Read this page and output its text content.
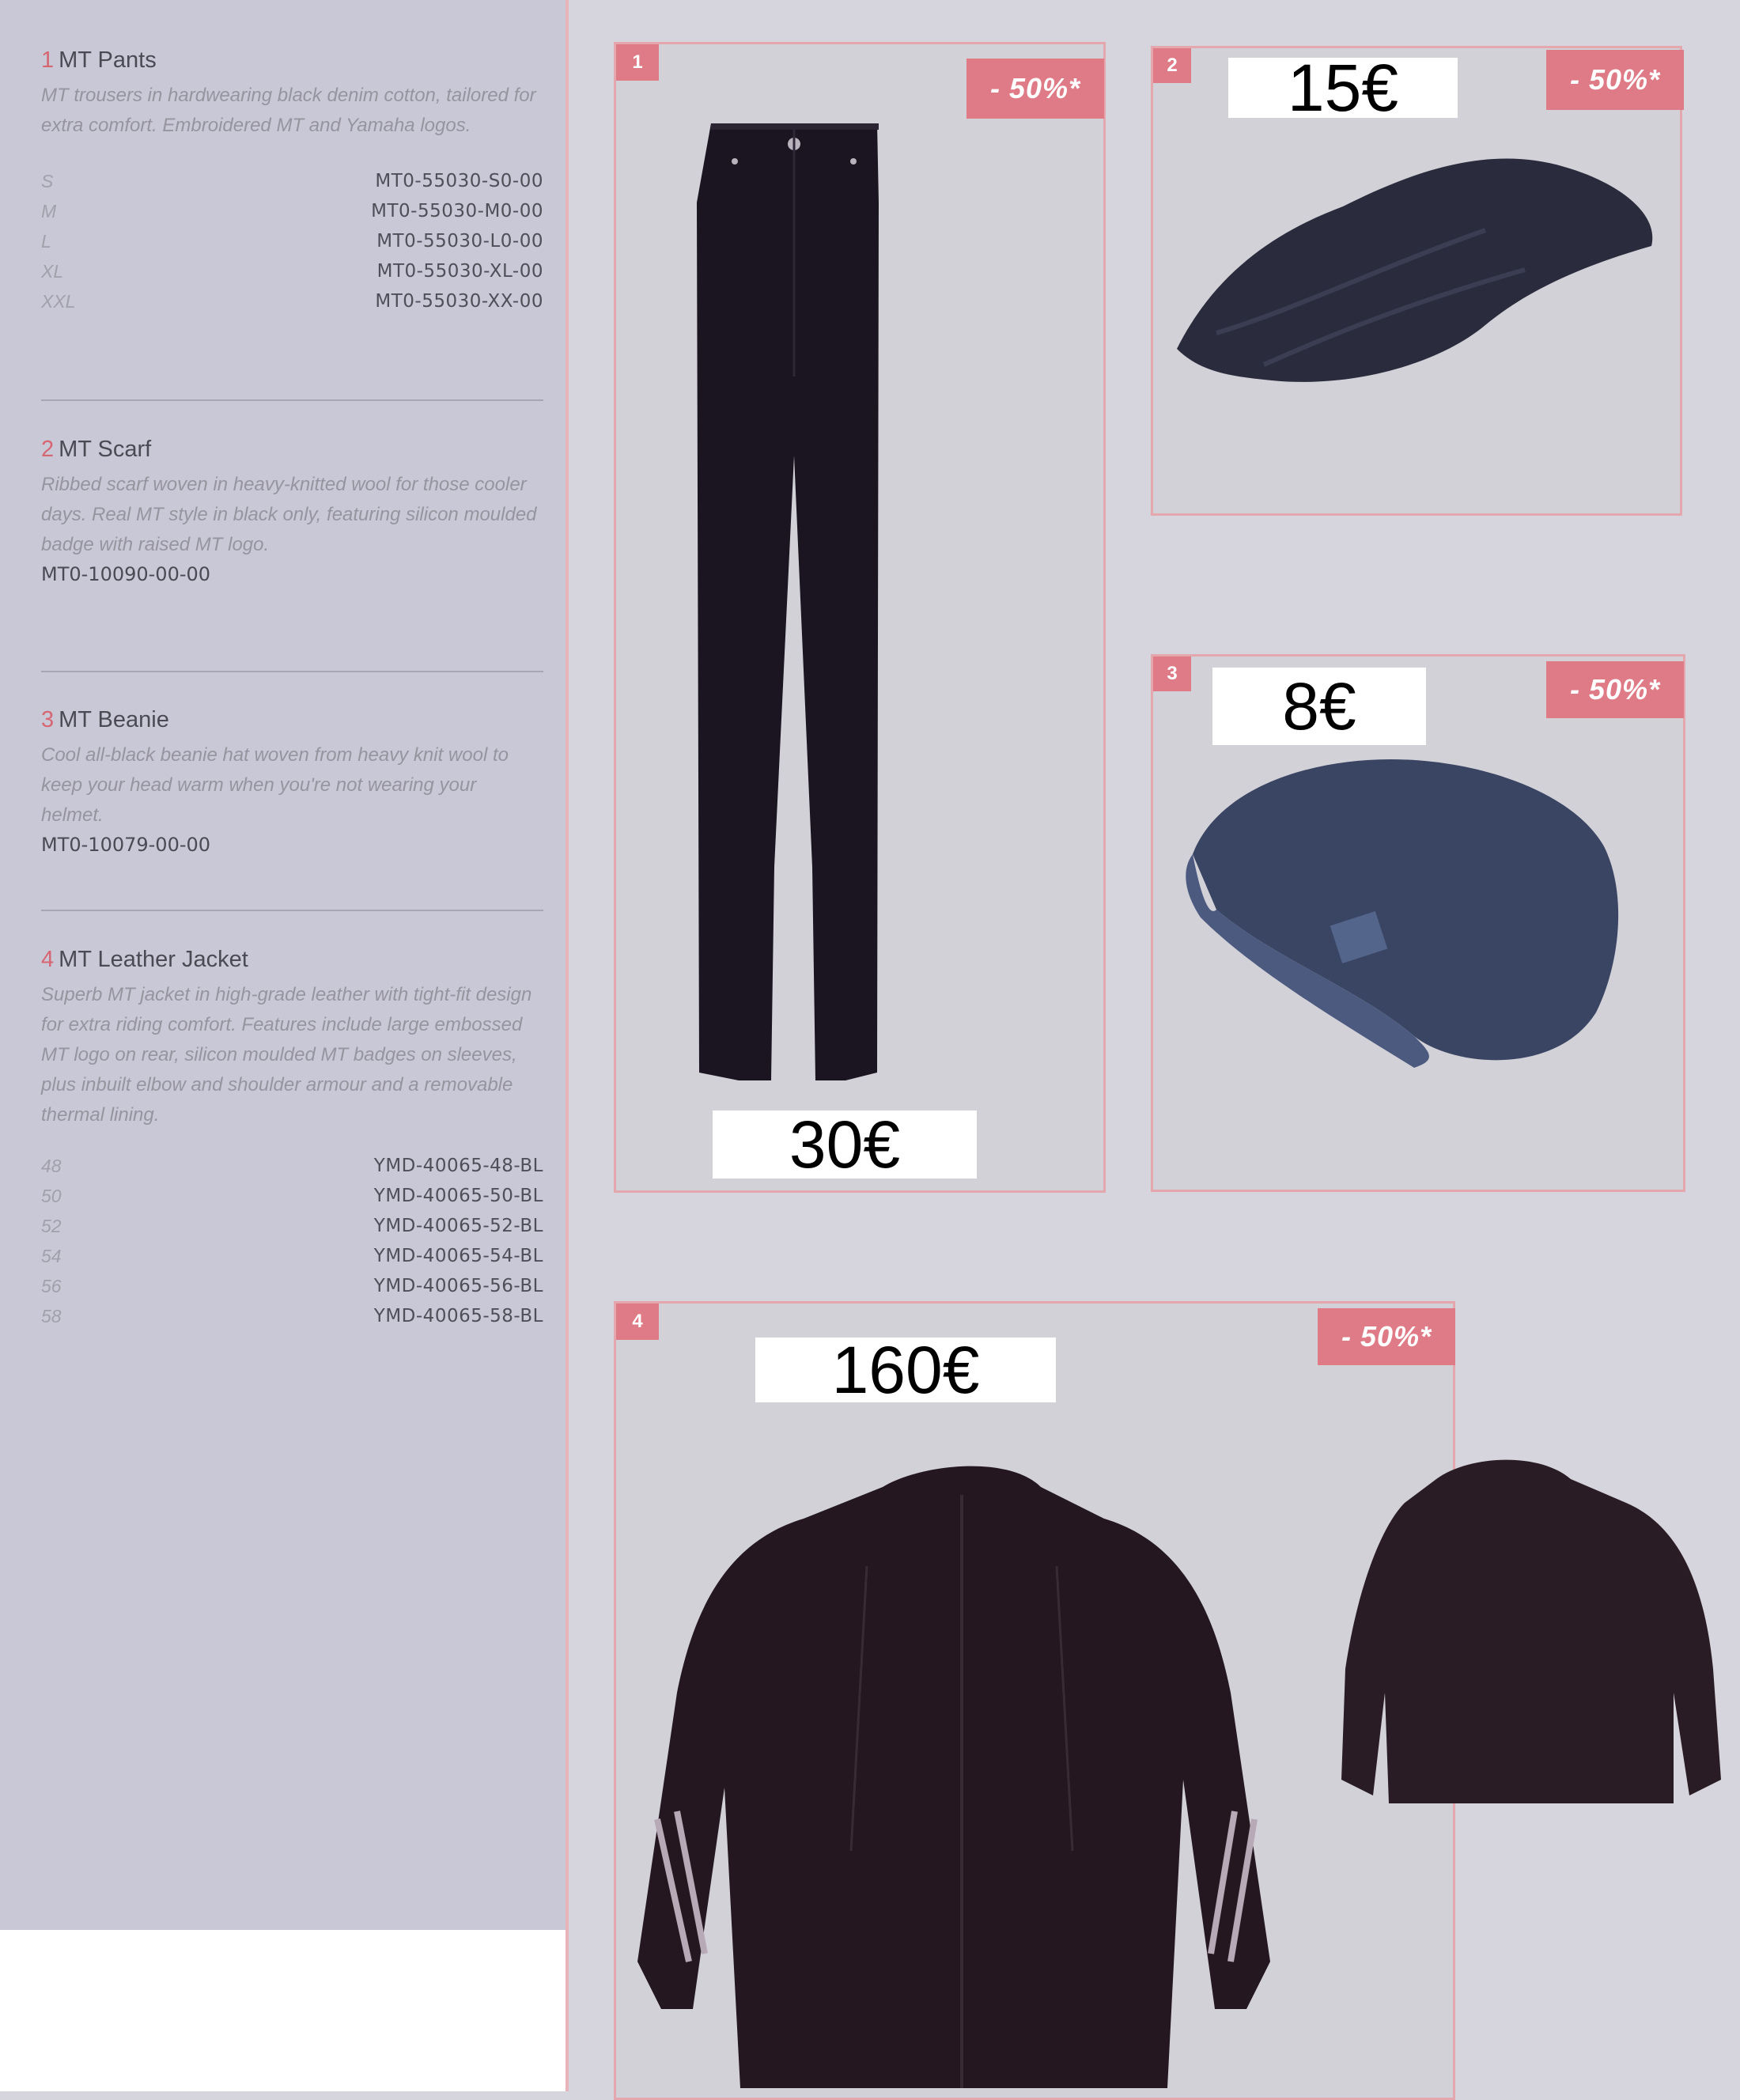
1 MT Pants

MT trousers in hardwearing black denim cotton, tailored for extra comfort. Embroidered MT and Yamaha logos.

S	MT0-55030-S0-00
M	MT0-55030-M0-00
L	MT0-55030-L0-00
XL	MT0-55030-XL-00
XXL	MT0-55030-XX-00

2 MT Scarf

Ribbed scarf woven in heavy-knitted wool for those cooler days. Real MT style in black only, featuring silicon moulded badge with raised MT logo.

MT0-10090-00-00

3 MT Beanie

Cool all-black beanie hat woven from heavy knit wool to keep your head warm when you're not wearing your helmet.

MT0-10079-00-00

4 MT Leather Jacket

Superb MT jacket in high-grade leather with tight-fit design for extra riding comfort. Features include large embossed MT logo on rear, silicon moulded MT badges on sleeves, plus inbuilt elbow and shoulder armour and a removable thermal lining.

48	YMD-40065-48-BL
50	YMD-40065-50-BL
52	YMD-40065-52-BL
54	YMD-40065-54-BL
56	YMD-40065-56-BL
58	YMD-40065-58-BL
1
- 50%*
30€
2	- 50%*
15€
3	- 50%*
8€
4	- 50%*
160€
